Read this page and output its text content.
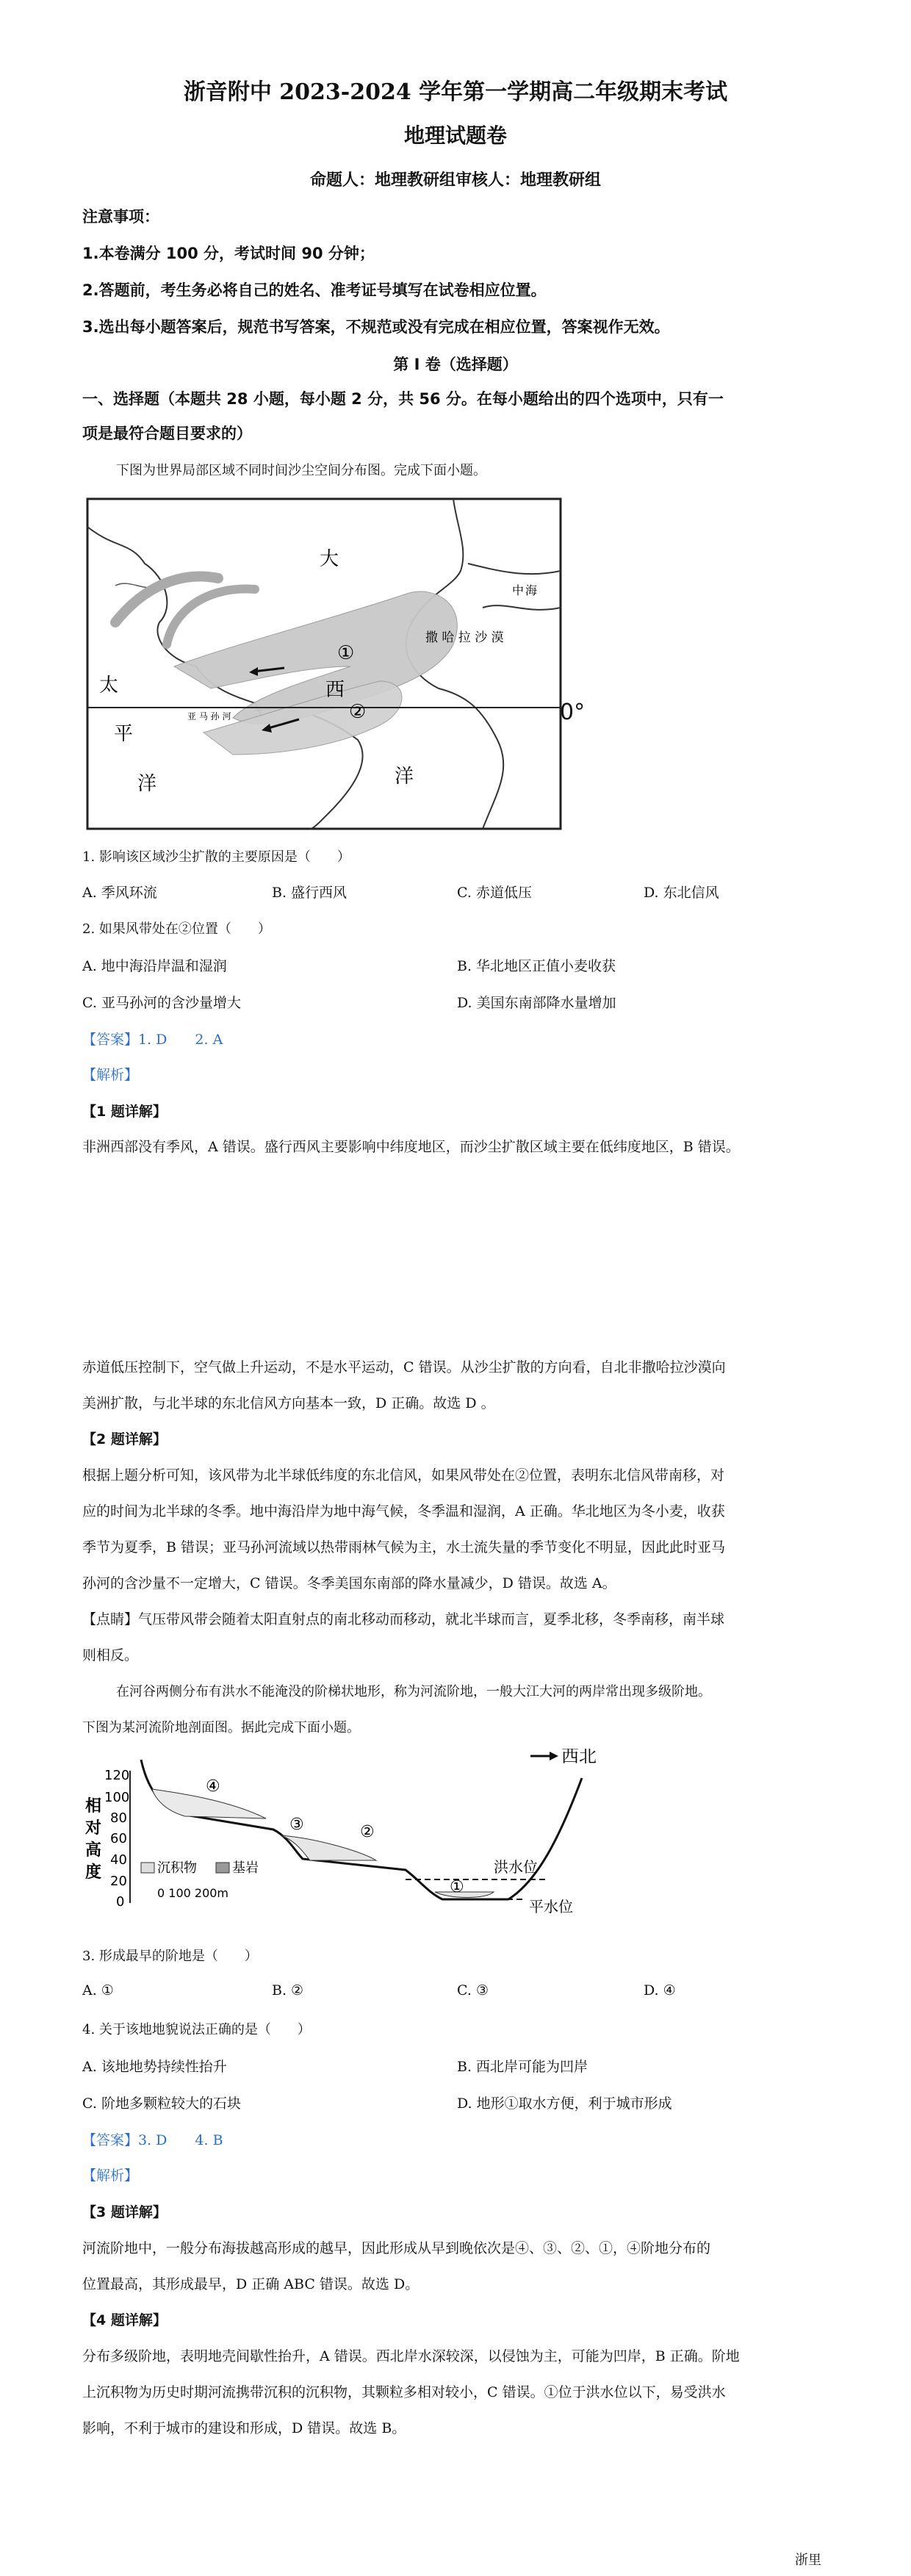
浙音附中 2023-2024 学年第一学期高二年级期末考试
地理试题卷
命题人：地理教研组审核人：地理教研组
注意事项：
1.本卷满分 100 分，考试时间 90 分钟；
2.答题前，考生务必将自己的姓名、准考证号填写在试卷相应位置。
3.选出每小题答案后，规范书写答案，不规范或没有完成在相应位置，答案视作无效。
第 I 卷（选择题）
一、选择题（本题共 28 小题，每小题 2 分，共 56 分。在每小题给出的四个选项中，只有一
项是最符合题目要求的）
下图为世界局部区域不同时间沙尘空间分布图。完成下面小题。
大
①
西
太
②
平
洋	洋
中 海
撒 哈 拉 沙 漠
亚 马 孙 河	0°
1. 影响该区域沙尘扩散的主要原因是（　　）
A. 季风环流	B. 盛行西风	C. 赤道低压	D. 东北信风
2. 如果风带处在②位置（　　）
A. 地中海沿岸温和湿润	B. 华北地区正值小麦收获
C. 亚马孙河的含沙量增大	D. 美国东南部降水量增加
【答案】1. D　　2. A
【解析】
【1 题详解】
非洲西部没有季风，A 错误。盛行西风主要影响中纬度地区，而沙尘扩散区域主要在低纬度地区，B 错误。
赤道低压控制下，空气做上升运动，不是水平运动，C 错误。从沙尘扩散的方向看，自北非撒哈拉沙漠向
美洲扩散，与北半球的东北信风方向基本一致，D 正确。故选 D 。
【2 题详解】
根据上题分析可知，该风带为北半球低纬度的东北信风，如果风带处在②位置，表明东北信风带南移，对
应的时间为北半球的冬季。地中海沿岸为地中海气候，冬季温和湿润，A 正确。华北地区为冬小麦，收获
季节为夏季，B 错误；亚马孙河流域以热带雨林气候为主，水土流失量的季节变化不明显，因此此时亚马
孙河的含沙量不一定增大，C 错误。冬季美国东南部的降水量减少，D 错误。故选 A。
【点睛】气压带风带会随着太阳直射点的南北移动而移动，就北半球而言，夏季北移，冬季南移，南半球
则相反。
在河谷两侧分布有洪水不能淹没的阶梯状地形，称为河流阶地，一般大江大河的两岸常出现多级阶地。
下图为某河流阶地剖面图。据此完成下面小题。
120
100
80
60
40
20
0
相
对
高
度
西北
④
③	②
①
沉积物	基岩
0 100 200m
洪水位
平水位
3. 形成最早的阶地是（　　）
A. ①	B. ②	C. ③	D. ④
4. 关于该地地貌说法正确的是（　　）
A. 该地地势持续性抬升	B. 西北岸可能为凹岸
C. 阶地多颗粒较大的石块	D. 地形①取水方便，利于城市形成
【答案】3. D　　4. B
【解析】
【3 题详解】
河流阶地中，一般分布海拔越高形成的越早，因此形成从早到晚依次是④、③、②、①，④阶地分布的
位置最高，其形成最早，D 正确 ABC 错误。故选 D。
【4 题详解】
分布多级阶地，表明地壳间歇性抬升，A 错误。西北岸水深较深，以侵蚀为主，可能为凹岸，B 正确。阶地
上沉积物为历史时期河流携带沉积的沉积物，其颗粒多相对较小，C 错误。①位于洪水位以下，易受洪水
影响，不利于城市的建设和形成，D 错误。故选 B。
浙里
